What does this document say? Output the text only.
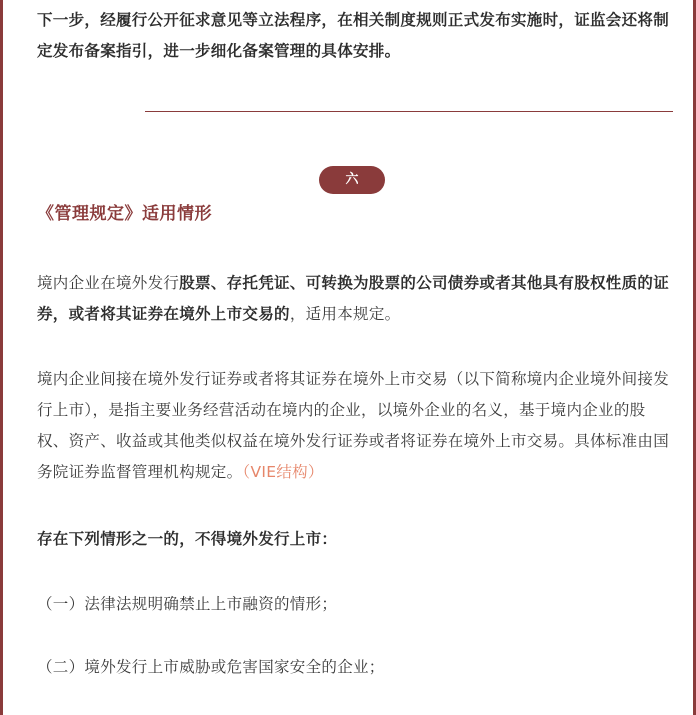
下一步，经履行公开征求意见等立法程序，在相关制度规则正式发布实施时，证监会还将制定发布备案指引，进一步细化备案管理的具体安排。

六
《管理规定》适用情形

境内企业在境外发行股票、存托凭证、可转换为股票的公司债券或者其他具有股权性质的证券，或者将其证券在境外上市交易的，适用本规定。

境内企业间接在境外发行证券或者将其证券在境外上市交易（以下简称境内企业境外间接发行上市），是指主要业务经营活动在境内的企业，以境外企业的名义，基于境内企业的股权、资产、收益或其他类似权益在境外发行证券或者将证券在境外上市交易。具体标准由国务院证券监督管理机构规定。（VIE结构）

存在下列情形之一的，不得境外发行上市：

（一）法律法规明确禁止上市融资的情形；

（二）境外发行上市威胁或危害国家安全的企业；
